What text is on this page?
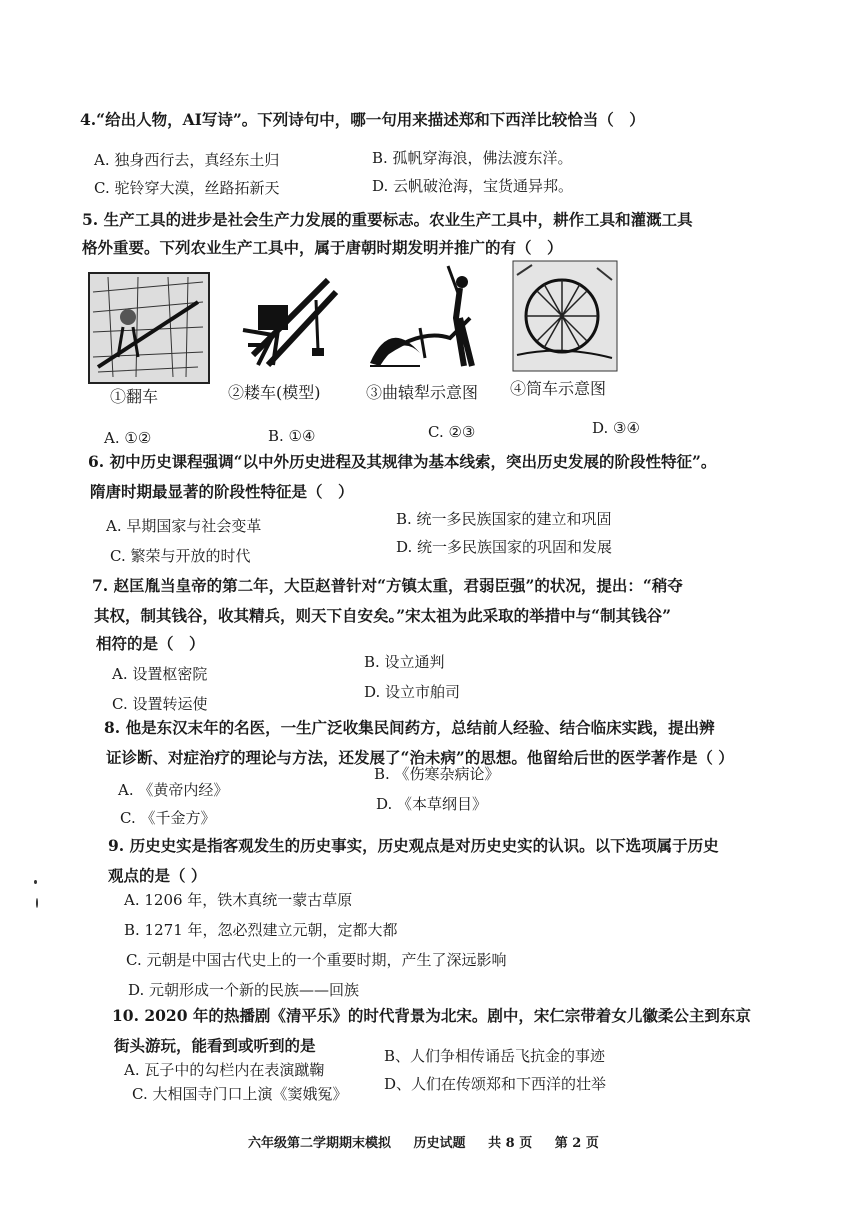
4.“给出人物，AI写诗”。下列诗句中，哪一句用来描述郑和下西洋比较恰当（　）
A. 独身西行去，真经东土归	B. 孤帆穿海浪，佛法渡东洋。
C. 驼铃穿大漠，丝路拓新天	D. 云帆破沧海，宝货通异邦。
5. 生产工具的进步是社会生产力发展的重要标志。农业生产工具中，耕作工具和灌溉工具
格外重要。下列农业生产工具中，属于唐朝时期发明并推广的有（　）
①翻车	②耧车(模型)	③曲辕犁示意图 ④筒车示意图
A. ①②	B. ①④	C. ②③	D. ③④
6. 初中历史课程强调“以中外历史进程及其规律为基本线索，突出历史发展的阶段性特征”。
隋唐时期最显著的阶段性特征是（　）
A. 早期国家与社会变革	B. 统一多民族国家的建立和巩固
C. 繁荣与开放的时代	D. 统一多民族国家的巩固和发展
7. 赵匡胤当皇帝的第二年，大臣赵普针对“方镇太重，君弱臣强”的状况，提出：“稍夺
其权，制其钱谷，收其精兵，则天下自安矣。”宋太祖为此采取的举措中与“制其钱谷”
相符的是（　）
A. 设置枢密院
B. 设立通判
C. 设置转运使
D. 设立市舶司
8. 他是东汉末年的名医，一生广泛收集民间药方，总结前人经验、结合临床实践，提出辨
证诊断、对症治疗的理论与方法，还发展了“治未病”的思想。他留给后世的医学著作是（ ）
A. 《黄帝内经》
B. 《伤寒杂病论》
C. 《千金方》
D. 《本草纲目》
9. 历史史实是指客观发生的历史事实，历史观点是对历史史实的认识。以下选项属于历史
观点的是（ ）
A. 1206 年，铁木真统一蒙古草原
B. 1271 年，忽必烈建立元朝，定都大都
C. 元朝是中国古代史上的一个重要时期，产生了深远影响
D. 元朝形成一个新的民族——回族
10. 2020 年的热播剧《清平乐》的时代背景为北宋。剧中，宋仁宗带着女儿徽柔公主到东京
街头游玩，能看到或听到的是
A. 瓦子中的勾栏内在表演蹴鞠
B、人们争相传诵岳飞抗金的事迹
C. 大相国寺门口上演《窦娥冤》
D、人们在传颂郑和下西洋的壮举
六年级第二学期期末模拟 历史试题 共 8 页 第 2 页
